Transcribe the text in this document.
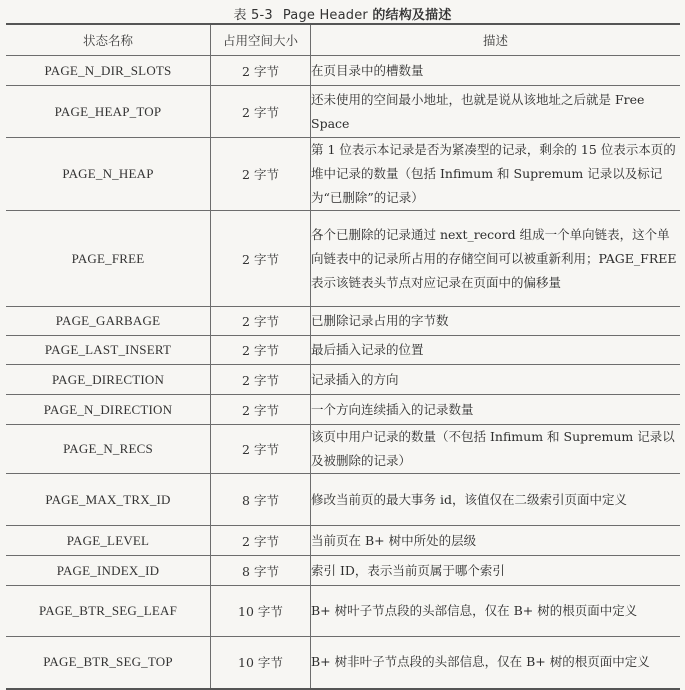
表 5-3 Page Header 的结构及描述
状态名称	占用空间大小	描述
PAGE_N_DIR_SLOTS	2 字节	在页目录中的槽数量
PAGE_HEAP_TOP	2 字节	还未使用的空间最小地址，也就是说从该地址之后就是 Free Space
PAGE_N_HEAP	2 字节	第 1 位表示本记录是否为紧凑型的记录，剩余的 15 位表示本页的堆中记录的数量（包括 Infimum 和 Supremum 记录以及标记为“已删除”的记录）
PAGE_FREE	2 字节	各个已删除的记录通过 next_record 组成一个单向链表，这个单向链表中的记录所占用的存储空间可以被重新利用；PAGE_FREE 表示该链表头节点对应记录在页面中的偏移量
PAGE_GARBAGE	2 字节	已删除记录占用的字节数
PAGE_LAST_INSERT	2 字节	最后插入记录的位置
PAGE_DIRECTION	2 字节	记录插入的方向
PAGE_N_DIRECTION	2 字节	一个方向连续插入的记录数量
PAGE_N_RECS	2 字节	该页中用户记录的数量（不包括 Infimum 和 Supremum 记录以及被删除的记录）
PAGE_MAX_TRX_ID	8 字节	修改当前页的最大事务 id，该值仅在二级索引页面中定义
PAGE_LEVEL	2 字节	当前页在 B+ 树中所处的层级
PAGE_INDEX_ID	8 字节	索引 ID，表示当前页属于哪个索引
PAGE_BTR_SEG_LEAF	10 字节	B+ 树叶子节点段的头部信息，仅在 B+ 树的根页面中定义
PAGE_BTR_SEG_TOP	10 字节	B+ 树非叶子节点段的头部信息，仅在 B+ 树的根页面中定义
